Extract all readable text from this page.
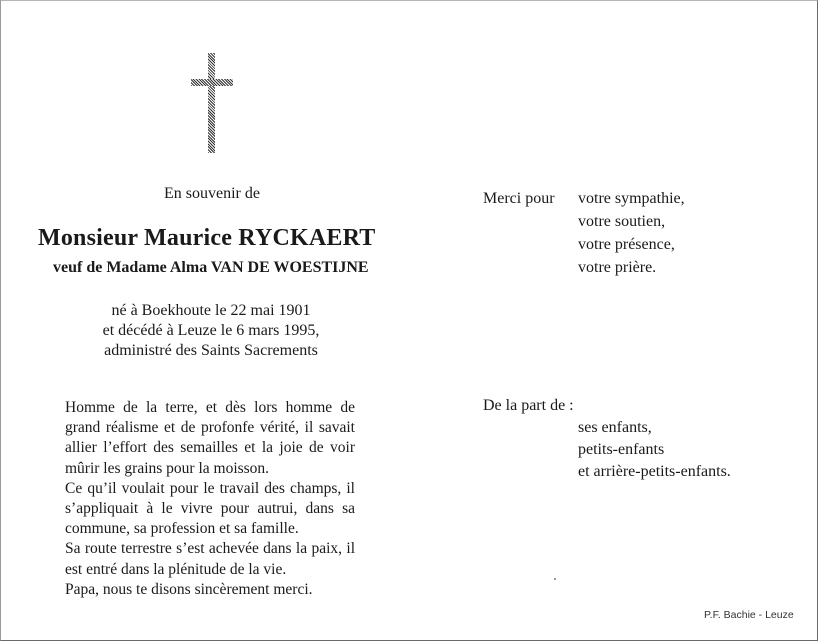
En souvenir de
Monsieur Maurice RYCKAERT
veuf de Madame Alma VAN DE WOESTIJNE
né à Boekhoute le 22 mai 1901
et décédé à Leuze le 6 mars 1995,
administré des Saints Sacrements
Homme de la terre, et dès lors homme de
grand réalisme et de profonfe vérité, il savait
allier l’effort des semailles et la joie de voir
mûrir les grains pour la moisson.
Ce qu’il voulait pour le travail des champs, il
s’appliquait à le vivre pour autrui, dans sa
commune, sa profession et sa famille.
Sa route terrestre s’est achevée dans la paix, il
est entré dans la plénitude de la vie.
Papa, nous te disons sincèrement merci.
Merci pour votre sympathie,
votre soutien,
votre présence,
votre prière.
De la part de :
ses enfants,
petits-enfants
et arrière-petits-enfants.
P.F. Bachie - Leuze
